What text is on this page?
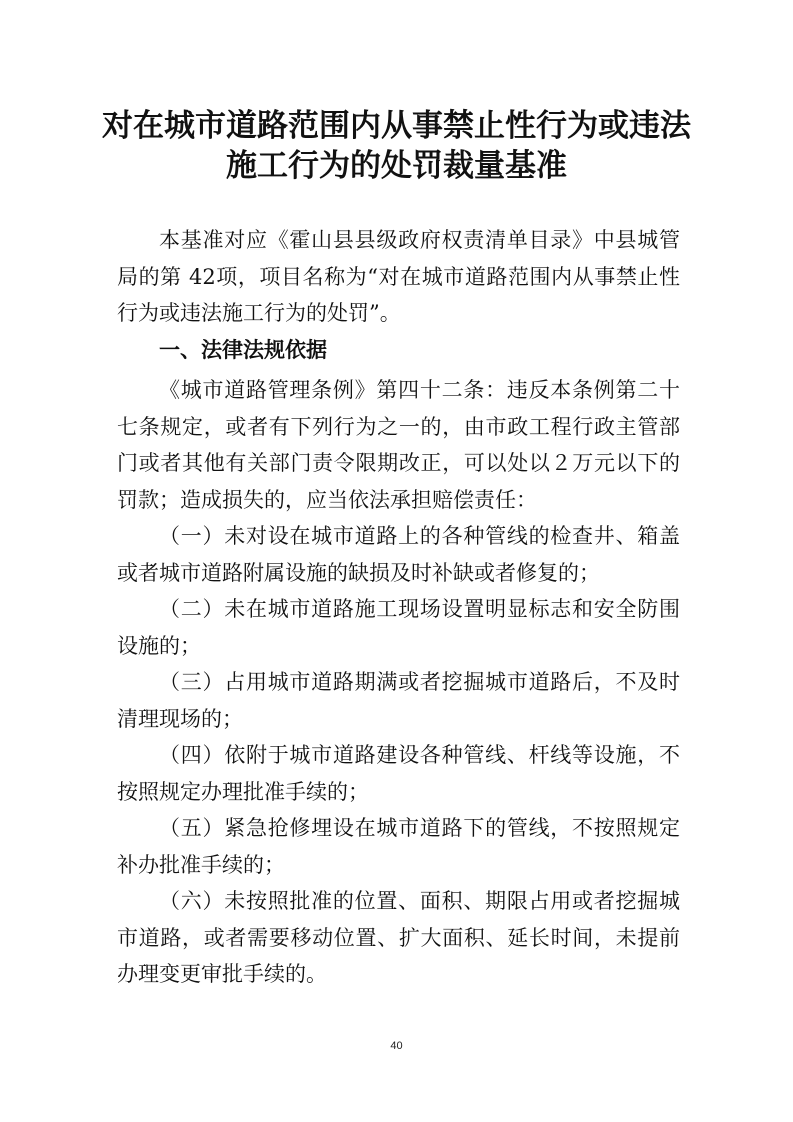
对在城市道路范围内从事禁止性行为或违法
施工行为的处罚裁量基准

本基准对应《霍山县县级政府权责清单目录》中县城管局的第 42项，项目名称为“对在城市道路范围内从事禁止性行为或违法施工行为的处罚”。

一、法律法规依据

《城市道路管理条例》第四十二条：违反本条例第二十七条规定，或者有下列行为之一的，由市政工程行政主管部门或者其他有关部门责令限期改正，可以处以２万元以下的罚款；造成损失的，应当依法承担赔偿责任：

（一）未对设在城市道路上的各种管线的检查井、箱盖或者城市道路附属设施的缺损及时补缺或者修复的；

（二）未在城市道路施工现场设置明显标志和安全防围设施的；

（三）占用城市道路期满或者挖掘城市道路后，不及时清理现场的；

（四）依附于城市道路建设各种管线、杆线等设施，不按照规定办理批准手续的；

（五）紧急抢修埋设在城市道路下的管线，不按照规定补办批准手续的；

（六）未按照批准的位置、面积、期限占用或者挖掘城市道路，或者需要移动位置、扩大面积、延长时间，未提前办理变更审批手续的。

40
